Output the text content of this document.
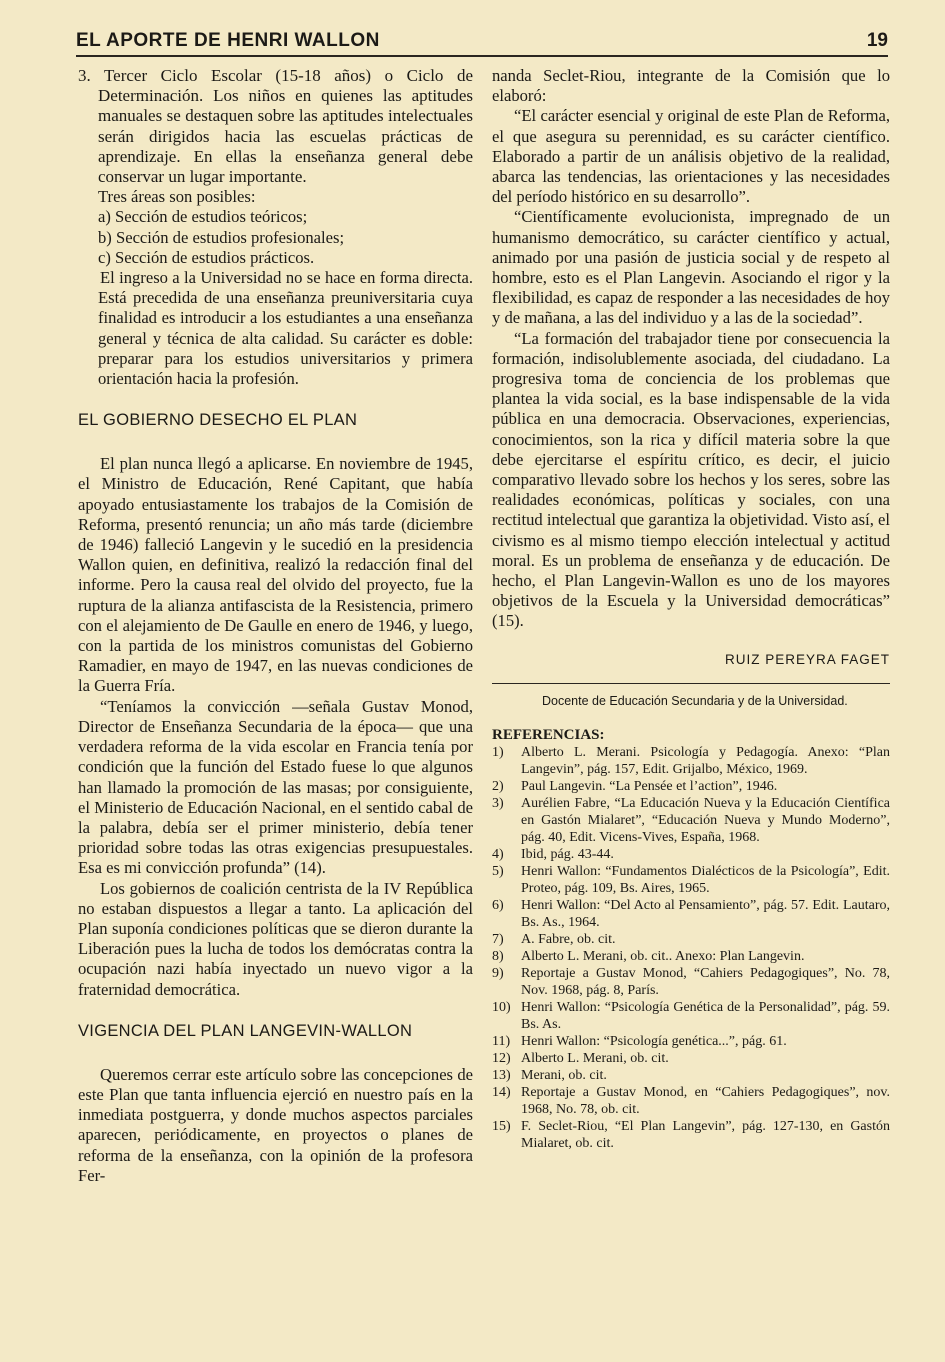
EL APORTE DE HENRI WALLON	19

3. Tercer Ciclo Escolar (15-18 años) o Ciclo de Determinación. Los niños en quienes las aptitudes manuales se destaquen sobre las aptitudes intelectuales serán dirigidos hacia las escuelas prácticas de aprendizaje. En ellas la enseñanza general debe conservar un lugar importante.

Tres áreas son posibles:

a) Sección de estudios teóricos;

b) Sección de estudios profesionales;

c) Sección de estudios prácticos.

El ingreso a la Universidad no se hace en forma directa. Está precedida de una enseñanza preuniversitaria cuya finalidad es introducir a los estudiantes a una enseñanza general y técnica de alta calidad. Su carácter es doble: preparar para los estudios universitarios y primera orientación hacia la profesión.

EL GOBIERNO DESECHO EL PLAN

El plan nunca llegó a aplicarse. En noviembre de 1945, el Ministro de Educación, René Capitant, que había apoyado entusiastamente los trabajos de la Comisión de Reforma, presentó renuncia; un año más tarde (diciembre de 1946) falleció Langevin y le sucedió en la presidencia Wallon quien, en definitiva, realizó la redacción final del informe. Pero la causa real del olvido del proyecto, fue la ruptura de la alianza antifascista de la Resistencia, primero con el alejamiento de De Gaulle en enero de 1946, y luego, con la partida de los ministros comunistas del Gobierno Ramadier, en mayo de 1947, en las nuevas condiciones de la Guerra Fría.

“Teníamos la convicción —señala Gustav Monod, Director de Enseñanza Secundaria de la época— que una verdadera reforma de la vida escolar en Francia tenía por condición que la función del Estado fuese lo que algunos han llamado la promoción de las masas; por consiguiente, el Ministerio de Educación Nacional, en el sentido cabal de la palabra, debía ser el primer ministerio, debía tener prioridad sobre todas las otras exigencias presupuestales. Esa es mi convicción profunda” (14).

Los gobiernos de coalición centrista de la IV República no estaban dispuestos a llegar a tanto. La aplicación del Plan suponía condiciones políticas que se dieron durante la Liberación pues la lucha de todos los demócratas contra la ocupación nazi había inyectado un nuevo vigor a la fraternidad democrática.

VIGENCIA DEL PLAN LANGEVIN-WALLON

Queremos cerrar este artículo sobre las concepciones de este Plan que tanta influencia ejerció en nuestro país en la inmediata postguerra, y donde muchos aspectos parciales aparecen, periódicamente, en proyectos o planes de reforma de la enseñanza, con la opinión de la profesora Fer-

nanda Seclet-Riou, integrante de la Comisión que lo elaboró:

“El carácter esencial y original de este Plan de Reforma, el que asegura su perennidad, es su carácter científico. Elaborado a partir de un análisis objetivo de la realidad, abarca las tendencias, las orientaciones y las necesidades del período histórico en su desarrollo”.

“Científicamente evolucionista, impregnado de un humanismo democrático, su carácter científico y actual, animado por una pasión de justicia social y de respeto al hombre, esto es el Plan Langevin. Asociando el rigor y la flexibilidad, es capaz de responder a las necesidades de hoy y de mañana, a las del individuo y a las de la sociedad”.

“La formación del trabajador tiene por consecuencia la formación, indisolublemente asociada, del ciudadano. La progresiva toma de conciencia de los problemas que plantea la vida social, es la base indispensable de la vida pública en una democracia. Observaciones, experiencias, conocimientos, son la rica y difícil materia sobre la que debe ejercitarse el espíritu crítico, es decir, el juicio comparativo llevado sobre los hechos y los seres, sobre las realidades económicas, políticas y sociales, con una rectitud intelectual que garantiza la objetividad. Visto así, el civismo es al mismo tiempo elección intelectual y actitud moral. Es un problema de enseñanza y de educación. De hecho, el Plan Langevin-Wallon es uno de los mayores objetivos de la Escuela y la Universidad democráticas” (15).

RUIZ PEREYRA FAGET

Docente de Educación Secundaria y de la Universidad.

REFERENCIAS:

1)	Alberto L. Merani. Psicología y Pedagogía. Anexo: “Plan Langevin”, pág. 157, Edit. Grijalbo, México, 1969.
2)	Paul Langevin. “La Pensée et l’action”, 1946.
3)	Aurélien Fabre, “La Educación Nueva y la Educación Científica en Gastón Mialaret”, “Educación Nueva y Mundo Moderno”, pág. 40, Edit. Vicens-Vives, España, 1968.
4)	Ibid, pág. 43-44.
5)	Henri Wallon: “Fundamentos Dialécticos de la Psicología”, Edit. Proteo, pág. 109, Bs. Aires, 1965.
6)	Henri Wallon: “Del Acto al Pensamiento”, pág. 57. Edit. Lautaro, Bs. As., 1964.
7)	A. Fabre, ob. cit.
8)	Alberto L. Merani, ob. cit.. Anexo: Plan Langevin.
9)	Reportaje a Gustav Monod, “Cahiers Pedagogiques”, No. 78, Nov. 1968, pág. 8, París.
10) Henri Wallon: “Psicología Genética de la Personalidad”, pág. 59. Bs. As.
11) Henri Wallon: “Psicología genética...”, pág. 61.
12) Alberto L. Merani, ob. cit.
13) Merani, ob. cit.
14) Reportaje a Gustav Monod, en “Cahiers Pedagogiques”, nov. 1968, No. 78, ob. cit.
15) F. Seclet-Riou, “El Plan Langevin”, pág. 127-130, en Gastón Mialaret, ob. cit.
